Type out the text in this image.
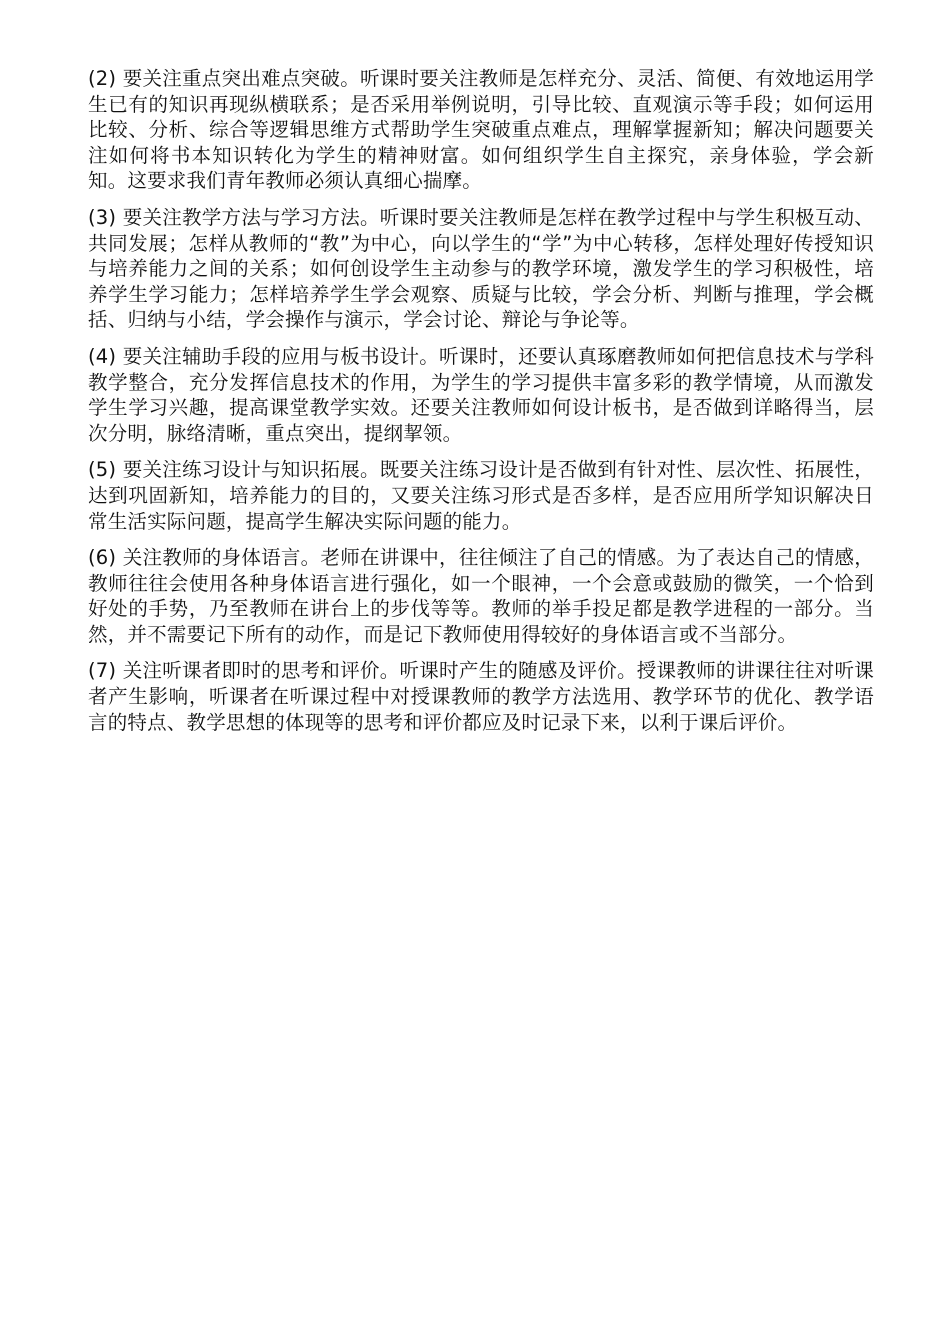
(2) 要关注重点突出难点突破。听课时要关注教师是怎样充分、灵活、简便、有效地运用学生已有的知识再现纵横联系；是否采用举例说明，引导比较、直观演示等手段；如何运用比较、分析、综合等逻辑思维方式帮助学生突破重点难点，理解掌握新知；解决问题要关注如何将书本知识转化为学生的精神财富。如何组织学生自主探究，亲身体验，学会新知。这要求我们青年教师必须认真细心揣摩。

(3) 要关注教学方法与学习方法。听课时要关注教师是怎样在教学过程中与学生积极互动、共同发展；怎样从教师的“教”为中心，向以学生的“学”为中心转移，怎样处理好传授知识与培养能力之间的关系；如何创设学生主动参与的教学环境，激发学生的学习积极性，培养学生学习能力；怎样培养学生学会观察、质疑与比较，学会分析、判断与推理，学会概括、归纳与小结，学会操作与演示，学会讨论、辩论与争论等。

(4) 要关注辅助手段的应用与板书设计。听课时，还要认真琢磨教师如何把信息技术与学科教学整合，充分发挥信息技术的作用，为学生的学习提供丰富多彩的教学情境，从而激发学生学习兴趣，提高课堂教学实效。还要关注教师如何设计板书，是否做到详略得当，层次分明，脉络清晰，重点突出，提纲挈领。

(5) 要关注练习设计与知识拓展。既要关注练习设计是否做到有针对性、层次性、拓展性，达到巩固新知，培养能力的目的，又要关注练习形式是否多样，是否应用所学知识解决日常生活实际问题，提高学生解决实际问题的能力。

(6) 关注教师的身体语言。老师在讲课中，往往倾注了自己的情感。为了表达自己的情感，教师往往会使用各种身体语言进行强化，如一个眼神，一个会意或鼓励的微笑，一个恰到好处的手势，乃至教师在讲台上的步伐等等。教师的举手投足都是教学进程的一部分。当然，并不需要记下所有的动作，而是记下教师使用得较好的身体语言或不当部分。

(7) 关注听课者即时的思考和评价。听课时产生的随感及评价。授课教师的讲课往往对听课者产生影响，听课者在听课过程中对授课教师的教学方法选用、教学环节的优化、教学语言的特点、教学思想的体现等的思考和评价都应及时记录下来，以利于课后评价。
